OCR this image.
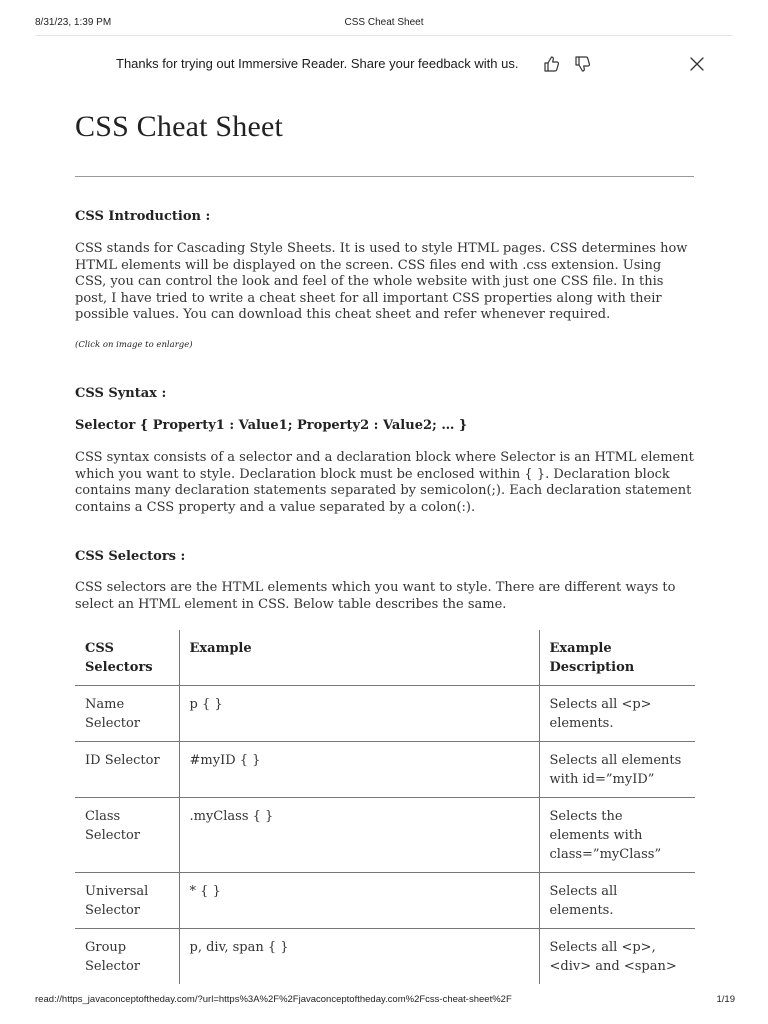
8/31/23, 1:39 PM	CSS Cheat Sheet
Thanks for trying out Immersive Reader. Share your feedback with us.
CSS Cheat Sheet
CSS Introduction :

CSS stands for Cascading Style Sheets. It is used to style HTML pages. CSS determines how HTML elements will be displayed on the screen. CSS files end with .css extension. Using CSS, you can control the look and feel of the whole website with just one CSS file. In this post, I have tried to write a cheat sheet for all important CSS properties along with their possible values. You can download this cheat sheet and refer whenever required.

(Click on image to enlarge)
CSS Syntax :
Selector { Property1 : Value1; Property2 : Value2; … }

CSS syntax consists of a selector and a declaration block where Selector is an HTML element which you want to style. Declaration block must be enclosed within { }. Declaration block contains many declaration statements separated by semicolon(;). Each declaration statement contains a CSS property and a value separated by a colon(:).

CSS Selectors :

CSS selectors are the HTML elements which you want to style. There are different ways to select an HTML element in CSS. Below table describes the same.

CSS Selectors	Example	Example Description
Name Selector	p { }	Selects all <p> elements.
ID Selector	#myID { }	Selects all elements with id=”myID”
Class Selector	.myClass { }	Selects the elements with class=”myClass”
Universal Selector	* { }	Selects all elements.
Group Selector	p, div, span { }	Selects all <p>, <div> and <span>
read://https_javaconceptoftheday.com/?url=https%3A%2F%2Fjavaconceptoftheday.com%2Fcss-cheat-sheet%2F	1/19
